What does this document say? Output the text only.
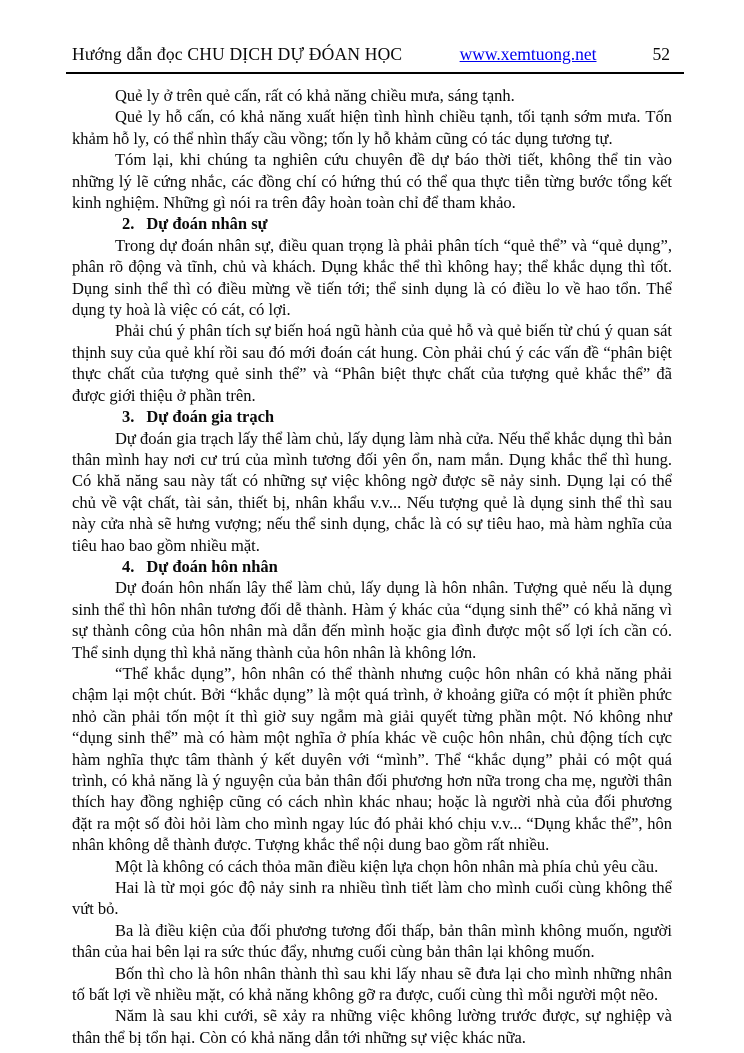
Hướng dẫn đọc CHU DỊCH DỰ ĐÓAN HỌC	www.xemtuong.net	52

Quẻ ly ở trên quẻ cấn, rất có khả năng chiều mưa, sáng tạnh.

Quẻ ly hỗ cấn, có khả năng xuất hiện tình hình chiều tạnh, tối tạnh sớm mưa. Tốn khảm hỗ ly, có thể nhìn thấy cầu vồng; tốn ly hỗ khảm cũng có tác dụng tương tự.

Tóm lại, khi chúng ta nghiên cứu chuyên đề dự báo thời tiết, không thể tin vào những lý lẽ cứng nhắc, các đồng chí có hứng thú có thể qua thực tiễn từng bước tổng kết kinh nghiệm. Những gì nói ra trên đây hoàn toàn chỉ để tham khảo.

2. Dự đoán nhân sự

Trong dự đoán nhân sự, điều quan trọng là phải phân tích “quẻ thể” và “quẻ dụng”, phân rõ động và tĩnh, chủ và khách. Dụng khắc thể thì không hay; thể khắc dụng thì tốt. Dụng sinh thể thì có điều mừng về tiến tới; thể sinh dụng là có điều lo về hao tổn. Thể dụng ty hoà là việc có cát, có lợi.

Phải chú ý phân tích sự biến hoá ngũ hành của quẻ hỗ và quẻ biến từ chú ý quan sát thịnh suy của quẻ khí rồi sau đó mới đoán cát hung. Còn phải chú ý các vấn đề “phân biệt thực chất của tượng quẻ sinh thể” và “Phân biệt thực chất của tượng quẻ khắc thể” đã được giới thiệu ở phần trên.

3. Dự đoán gia trạch

Dự đoán gia trạch lấy thể làm chủ, lấy dụng làm nhà cửa. Nếu thể khắc dụng thì bản thân mình hay nơi cư trú của mình tương đối yên ổn, nam mắn. Dụng khắc thể thì hung. Có khă năng sau này tất có những sự việc không ngờ được sẽ nảy sinh. Dụng lại có thể chủ về vật chất, tài sản, thiết bị, nhân khẩu v.v... Nếu tượng quẻ là dụng sinh thể thì sau này cửa nhà sẽ hưng vượng; nếu thể sinh dụng, chắc là có sự tiêu hao, mà hàm nghĩa của tiêu hao bao gồm nhiều mặt.

4. Dự đoán hôn nhân

Dự đoán hôn nhấn lây thể làm chủ, lấy dụng là hôn nhân. Tượng quẻ nếu là dụng sinh thể thì hôn nhân tương đối dễ thành. Hàm ý khác của “dụng sinh thể” có khả năng vì sự thành công của hôn nhân mà dẫn đến mình hoặc gia đình được một số lợi ích cần có. Thể sinh dụng thì khả năng thành của hôn nhân là không lớn.

“Thể khắc dụng”, hôn nhân có thể thành nhưng cuộc hôn nhân có khả năng phải chậm lại một chút. Bởi “khắc dụng” là một quá trình, ở khoảng giữa có một ít phiền phức nhỏ cần phải tốn một ít thì giờ suy ngẫm mà giải quyết từng phần một. Nó không như “dụng sinh thể” mà có hàm một nghĩa ở phía khác về cuộc hôn nhân, chủ động tích cực hàm nghĩa thực tâm thành ý kết duyên với “mình”. Thể “khắc dụng” phải có một quá trình, có khả năng là ý nguyện của bản thân đối phương hơn nữa trong cha mẹ, người thân thích hay đồng nghiệp cũng có cách nhìn khác nhau; hoặc là người nhà của đối phương đặt ra một số đòi hỏi làm cho mình ngay lúc đó phải khó chịu v.v... “Dụng khắc thể”, hôn nhân không dễ thành được. Tượng khắc thể nội dung bao gồm rất nhiều.

Một là không có cách thỏa mãn điều kiện lựa chọn hôn nhân mà phía chủ yêu cầu.

Hai là từ mọi góc độ nảy sinh ra nhiều tình tiết làm cho mình cuối cùng không thể vứt bỏ.

Ba là điều kiện của đối phương tương đối thấp, bản thân mình không muốn, người thân của hai bên lại ra sức thúc đẩy, nhưng cuối cùng bản thân lại không muốn.

Bốn thì cho là hôn nhân thành thì sau khi lấy nhau sẽ đưa lại cho mình những nhân tố bất lợi về nhiều mặt, có khả năng không gỡ ra được, cuối cùng thì mỗi người một nẽo.

Năm là sau khi cưới, sẽ xảy ra những việc không lường trước được, sự nghiệp và thân thể bị tổn hại. Còn có khả năng dẫn tới những sự việc khác nữa.
